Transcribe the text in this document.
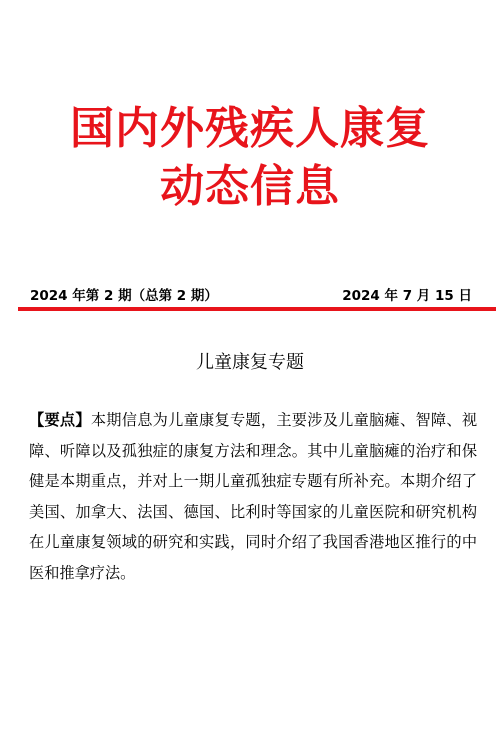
国内外残疾人康复
动态信息
2024 年第 2 期（总第 2 期）	2024 年 7 月 15 日
儿童康复专题
【要点】本期信息为儿童康复专题，主要涉及儿童脑瘫、智障、视障、听障以及孤独症的康复方法和理念。其中儿童脑瘫的治疗和保健是本期重点，并对上一期儿童孤独症专题有所补充。本期介绍了美国、加拿大、法国、德国、比利时等国家的儿童医院和研究机构在儿童康复领域的研究和实践，同时介绍了我国香港地区推行的中医和推拿疗法。
